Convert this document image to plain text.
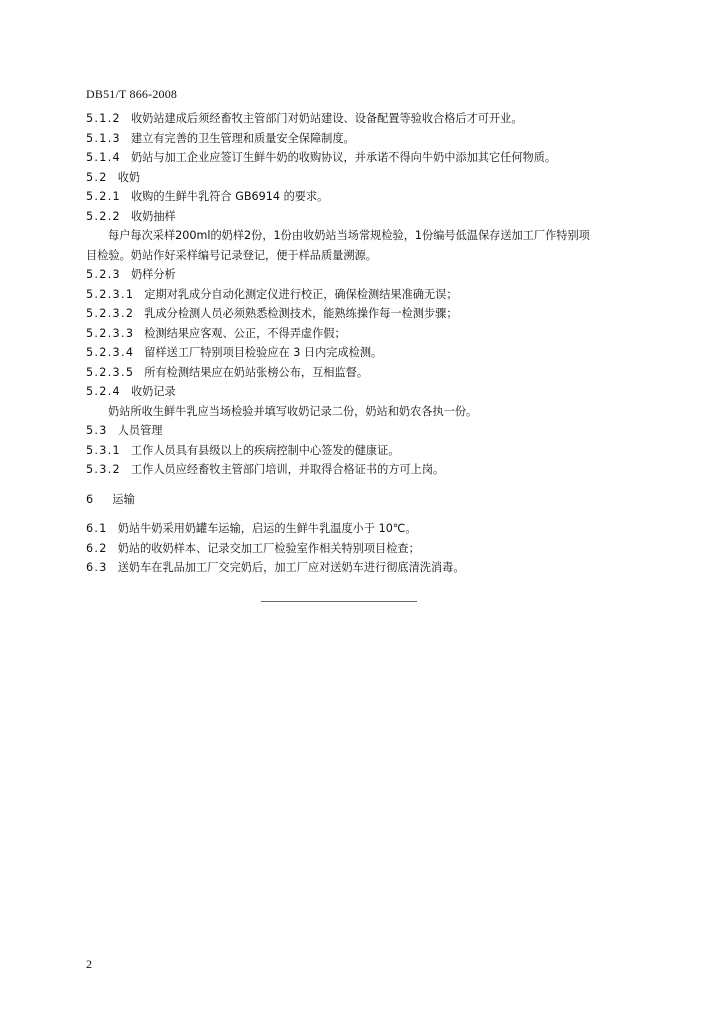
DB51/T 866-2008
5.1.2 收奶站建成后须经畜牧主管部门对奶站建设、设备配置等验收合格后才可开业。
5.1.3 建立有完善的卫生管理和质量安全保障制度。
5.1.4 奶站与加工企业应签订生鲜牛奶的收购协议，并承诺不得向牛奶中添加其它任何物质。
5.2 收奶
5.2.1 收购的生鲜牛乳符合 GB6914 的要求。
5.2.2 收奶抽样
每户每次采样200ml的奶样2份，1份由收奶站当场常规检验，1份编号低温保存送加工厂作特别项
目检验。奶站作好采样编号记录登记，便于样品质量溯源。
5.2.3 奶样分析
5.2.3.1 定期对乳成分自动化测定仪进行校正，确保检测结果准确无误；
5.2.3.2 乳成分检测人员必须熟悉检测技术，能熟练操作每一检测步骤；
5.2.3.3 检测结果应客观、公正，不得弄虚作假；
5.2.3.4 留样送工厂特别项目检验应在 3 日内完成检测。
5.2.3.5 所有检测结果应在奶站张榜公布，互相监督。
5.2.4 收奶记录
奶站所收生鲜牛乳应当场检验并填写收奶记录二份，奶站和奶农各执一份。
5.3 人员管理
5.3.1 工作人员具有县级以上的疾病控制中心签发的健康证。
5.3.2 工作人员应经畜牧主管部门培训，并取得合格证书的方可上岗。
6 运输
6.1 奶站牛奶采用奶罐车运输，启运的生鲜牛乳温度小于 10℃。
6.2 奶站的收奶样本、记录交加工厂检验室作相关特别项目检查；
6.3 送奶车在乳品加工厂交完奶后，加工厂应对送奶车进行彻底清洗消毒。
2
